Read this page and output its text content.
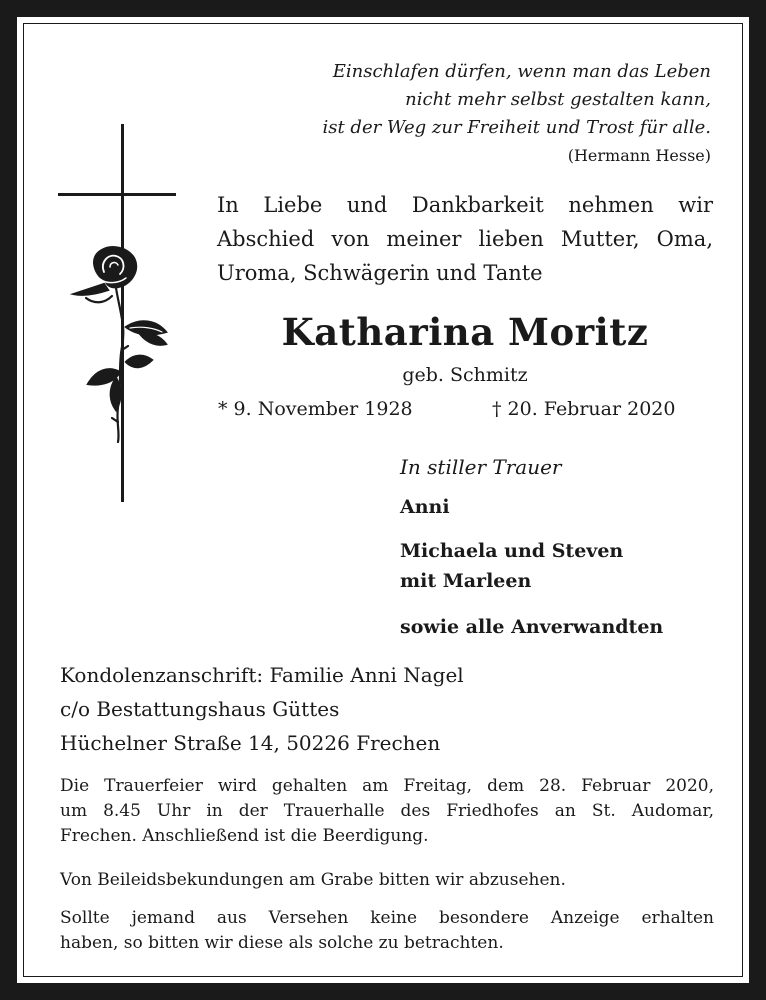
Einschlafen dürfen, wenn man das Leben
nicht mehr selbst gestalten kann,
ist der Weg zur Freiheit und Trost für alle.
(Hermann Hesse)
In Liebe und Dankbarkeit nehmen wir
Abschied von meiner lieben Mutter, Oma,
Uroma, Schwägerin und Tante
Katharina Moritz
geb. Schmitz
* 9. November 1928	† 20. Februar 2020
In stiller Trauer
Anni
Michaela und Steven
mit Marleen
sowie alle Anverwandten
Kondolenzanschrift: Familie Anni Nagel
c/o Bestattungshaus Güttes
Hüchelner Straße 14, 50226 Frechen
Die Trauerfeier wird gehalten am Freitag, dem 28. Februar 2020,
um 8.45 Uhr in der Trauerhalle des Friedhofes an St. Audomar,
Frechen. Anschließend ist die Beerdigung.
Von Beileidsbekundungen am Grabe bitten wir abzusehen.
Sollte jemand aus Versehen keine besondere Anzeige erhalten
haben, so bitten wir diese als solche zu betrachten.
